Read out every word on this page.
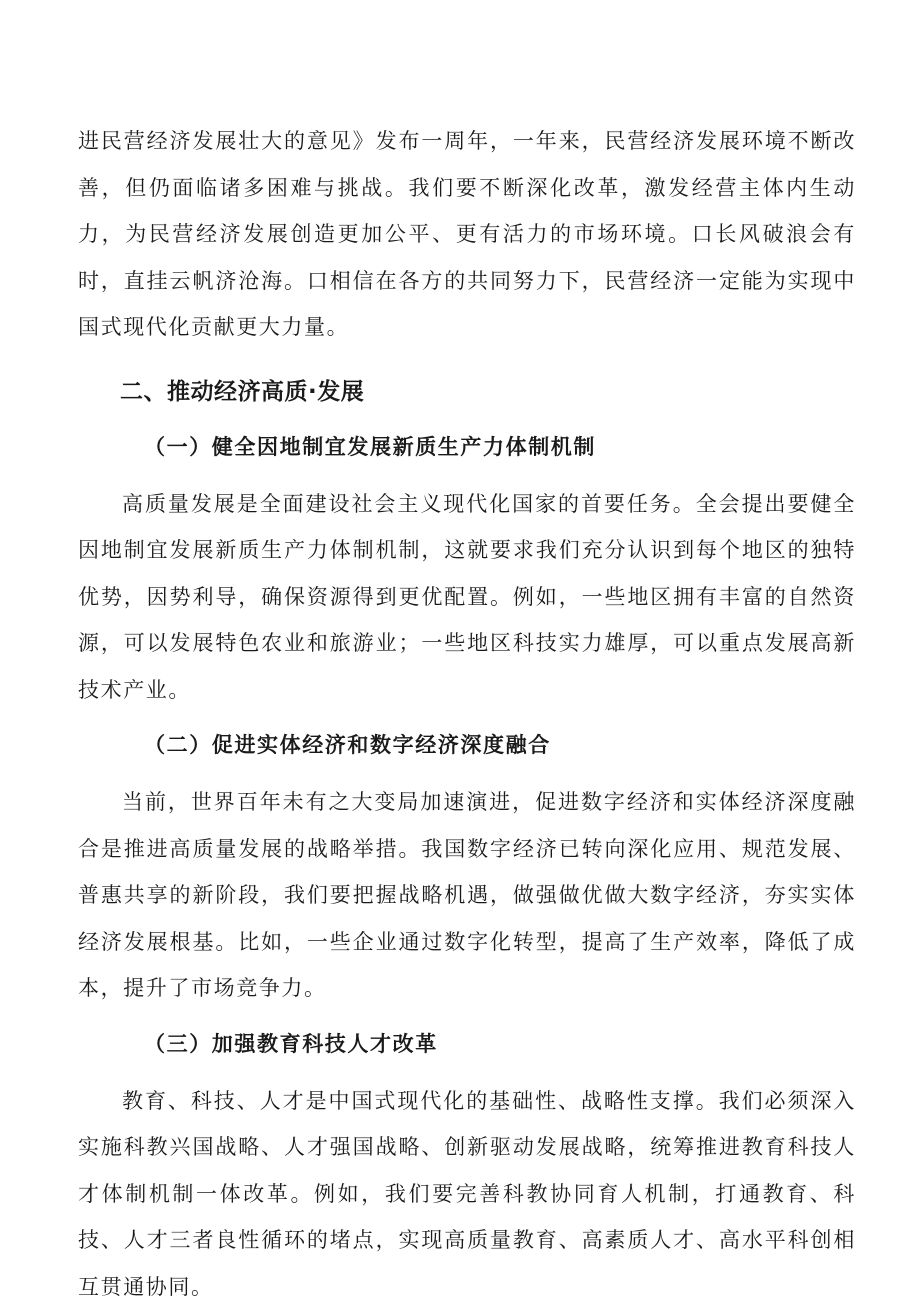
进民营经济发展壮大的意见》发布一周年，一年来，民营经济发展环境不断改善，但仍面临诸多困难与挑战。我们要不断深化改革，激发经营主体内生动力，为民营经济发展创造更加公平、更有活力的市场环境。口长风破浪会有时，直挂云帆济沧海。口相信在各方的共同努力下，民营经济一定能为实现中国式现代化贡献更大力量。

二、推动经济高质·发展
（一）健全因地制宜发展新质生产力体制机制

高质量发展是全面建设社会主义现代化国家的首要任务。全会提出要健全因地制宜发展新质生产力体制机制，这就要求我们充分认识到每个地区的独特优势，因势利导，确保资源得到更优配置。例如，一些地区拥有丰富的自然资源，可以发展特色农业和旅游业；一些地区科技实力雄厚，可以重点发展高新技术产业。

（二）促进实体经济和数字经济深度融合

当前，世界百年未有之大变局加速演进，促进数字经济和实体经济深度融合是推进高质量发展的战略举措。我国数字经济已转向深化应用、规范发展、普惠共享的新阶段，我们要把握战略机遇，做强做优做大数字经济，夯实实体经济发展根基。比如，一些企业通过数字化转型，提高了生产效率，降低了成本，提升了市场竞争力。

（三）加强教育科技人才改革

教育、科技、人才是中国式现代化的基础性、战略性支撑。我们必须深入实施科教兴国战略、人才强国战略、创新驱动发展战略，统筹推进教育科技人才体制机制一体改革。例如，我们要完善科教协同育人机制，打通教育、科技、人才三者良性循环的堵点，实现高质量教育、高素质人才、高水平科创相互贯通协同。
